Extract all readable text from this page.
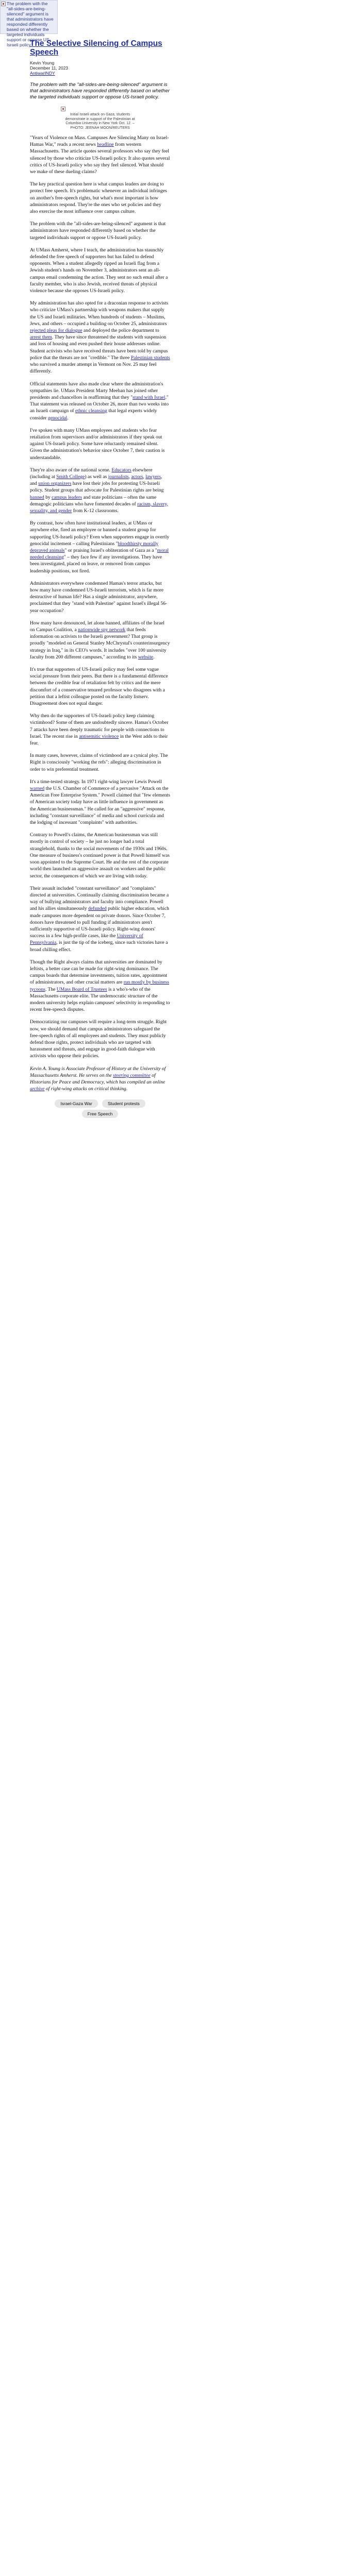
The problem with the "all-sides-are-being-silenced" argument is that administrators have responded differently based on whether the targeted individuals support or oppose US-Israeli policy
The Selective Silencing of Campus Speech
Kevin Young
December 11, 2023
AntiwarINDY

The problem with the "all-sides-are-being-silenced" argument is that administrators have responded differently based on whether the targeted individuals support or oppose US-Israeli policy.

Initial Israeli attack on Gaza; students demonstrate in support of the Palestinian at Columbia University in New York Oct. 12. – PHOTO: JEENAH MOON/REUTERS

"Years of Violence on Mass. Campuses Are Silencing Many on Israel-Hamas War," reads a recent news headline from western Massachusetts. The article quotes several professors who say they feel silenced by those who criticize US-Israeli policy. It also quotes several critics of US-Israeli policy who say they feel silenced. What should we make of these dueling claims?

The key practical question here is what campus leaders are doing to protect free speech. It's problematic whenever an individual infringes on another's free-speech rights, but what's most important is how administrators respond. They're the ones who set policies and they also exercise the most influence over campus culture.

The problem with the "all-sides-are-being-silenced" argument is that administrators have responded differently based on whether the targeted individuals support or oppose US-Israeli policy.

At UMass Amherst, where I teach, the administration has staunchly defended the free speech of supporters but has failed to defend opponents. When a student allegedly ripped an Israeli flag from a Jewish student's hands on November 3, administrators sent an all-campus email condemning the action. They sent no such email after a faculty member, who is also Jewish, received threats of physical violence because she opposes US-Israeli policy.

My administration has also opted for a draconian response to activists who criticize UMass's partnership with weapons makers that supply the US and Israeli militaries. When hundreds of students – Muslims, Jews, and others – occupied a building on October 25, administrators rejected pleas for dialogue and deployed the police department to arrest them. They have since threatened the students with suspension and loss of housing and even pushed their house addresses online. Student activists who have received threats have been told by campus police that the threats are not "credible." The three Palestinian students who survived a murder attempt in Vermont on Nov. 25 may feel differently.

Official statements have also made clear where the administration's sympathies lie. UMass President Marty Meehan has joined other presidents and chancellors in reaffirming that they "stand with Israel." That statement was released on October 26, more than two weeks into an Israeli campaign of ethnic cleansing that legal experts widely consider genocidal.

I've spoken with many UMass employees and students who fear retaliation from supervisors and/or administrators if they speak out against US-Israeli policy. Some have reluctantly remained silent. Given the administration's behavior since October 7, their caution is understandable.

They're also aware of the national scene. Educators elsewhere (including at Smith College) as well as journalists, actors, lawyers, and union organizers have lost their jobs for protesting US-Israeli policy. Student groups that advocate for Palestinian rights are being banned by campus leaders and state politicians – often the same demagogic politicians who have fomented decades of racism, slavery, sexuality, and gender from K-12 classrooms.

By contrast, how often have institutional leaders, at UMass or anywhere else, fired an employee or banned a student group for supporting US-Israeli policy? Even when supporters engage in overtly genocidal incitement – calling Palestinians "bloodthirsty morally depraved animals" or praising Israel's obliteration of Gaza as a "moral needed cleansing" – they face few if any investigations. They have been investigated, placed on leave, or removed from campus leadership positions, not fired.

Administrators everywhere condemned Hamas's terror attacks, but how many have condemned US-Israeli terrorism, which is far more destructive of human life? Has a single administrator, anywhere, proclaimed that they "stand with Palestine" against Israel's illegal 56-year occupation?

How many have denounced, let alone banned, affiliates of the Israel on Campus Coalition, a nationwide spy network that feeds information on activists to the Israeli government? That group is proudly "modeled on General Stanley McChrystal's counterinsurgency strategy in Iraq," in its CEO's words. It includes "over 100 university faculty from 200 different campuses," according to its website.

It's true that supporters of US-Israeli policy may feel some vague social pressure from their peers. But there is a fundamental difference between the credible fear of retaliation felt by critics and the mere discomfort of a conservative tenured professor who disagrees with a petition that a leftist colleague posted on the faculty listserv. Disagreement does not equal danger.

Why then do the supporters of US-Israeli policy keep claiming victimhood? Some of them are undoubtedly sincere. Hamas's October 7 attacks have been deeply traumatic for people with connections to Israel. The recent rise in antisemitic violence in the West adds to their fear.

In many cases, however, claims of victimhood are a cynical ploy. The Right is consciously "working the refs": alleging discrimination in order to win preferential treatment.

It's a time-tested strategy. In 1971 right-wing lawyer Lewis Powell warned the U.S. Chamber of Commerce of a pervasive "Attack on the American Free Enterprise System." Powell claimed that "few elements of American society today have as little influence in government as the American businessman." He called for an "aggressive" response, including "constant surveillance" of media and school curricula and the lodging of incessant "complaints" with authorities.

Contrary to Powell's claims, the American businessman was still mostly in control of society – he just no longer had a total stranglehold, thanks to the social movements of the 1930s and 1960s. One measure of business's continued power is that Powell himself was soon appointed to the Supreme Court. He and the rest of the corporate world then launched an aggressive assault on workers and the public sector, the consequences of which we are living with today.

Their assault included "constant surveillance" and "complaints" directed at universities. Continually claiming discrimination became a way of bullying administrators and faculty into compliance. Powell and his allies simultaneously defunded public higher education, which made campuses more dependent on private donors. Since October 7, donors have threatened to pull funding if administrators aren't sufficiently supportive of US-Israeli policy. Right-wing donors' success in a few high-profile cases, like the University of Pennsylvania, is just the tip of the iceberg, since such victories have a broad chilling effect.

Though the Right always claims that universities are dominated by leftists, a better case can be made for right-wing dominance. The campus boards that determine investments, tuition rates, appointment of administrators, and other crucial matters are run mostly by business tycoons. The UMass Board of Trustees is a who's-who of the Massachusetts corporate elite. The undemocratic structure of the modern university helps explain campuses' selectivity in responding to recent free-speech disputes.

Democratizing our campuses will require a long-term struggle. Right now, we should demand that campus administrators safeguard the free-speech rights of all employees and students. They must publicly defend those rights, protect individuals who are targeted with harassment and threats, and engage in good-faith dialogue with activists who oppose their policies.

Kevin A. Young is Associate Professor of History at the University of Massachusetts Amherst. He serves on the steering committee of Historians for Peace and Democracy, which has compiled an online archive of right-wing attacks on critical thinking.

Israel-Gaza War	Student protests
Free Speech
